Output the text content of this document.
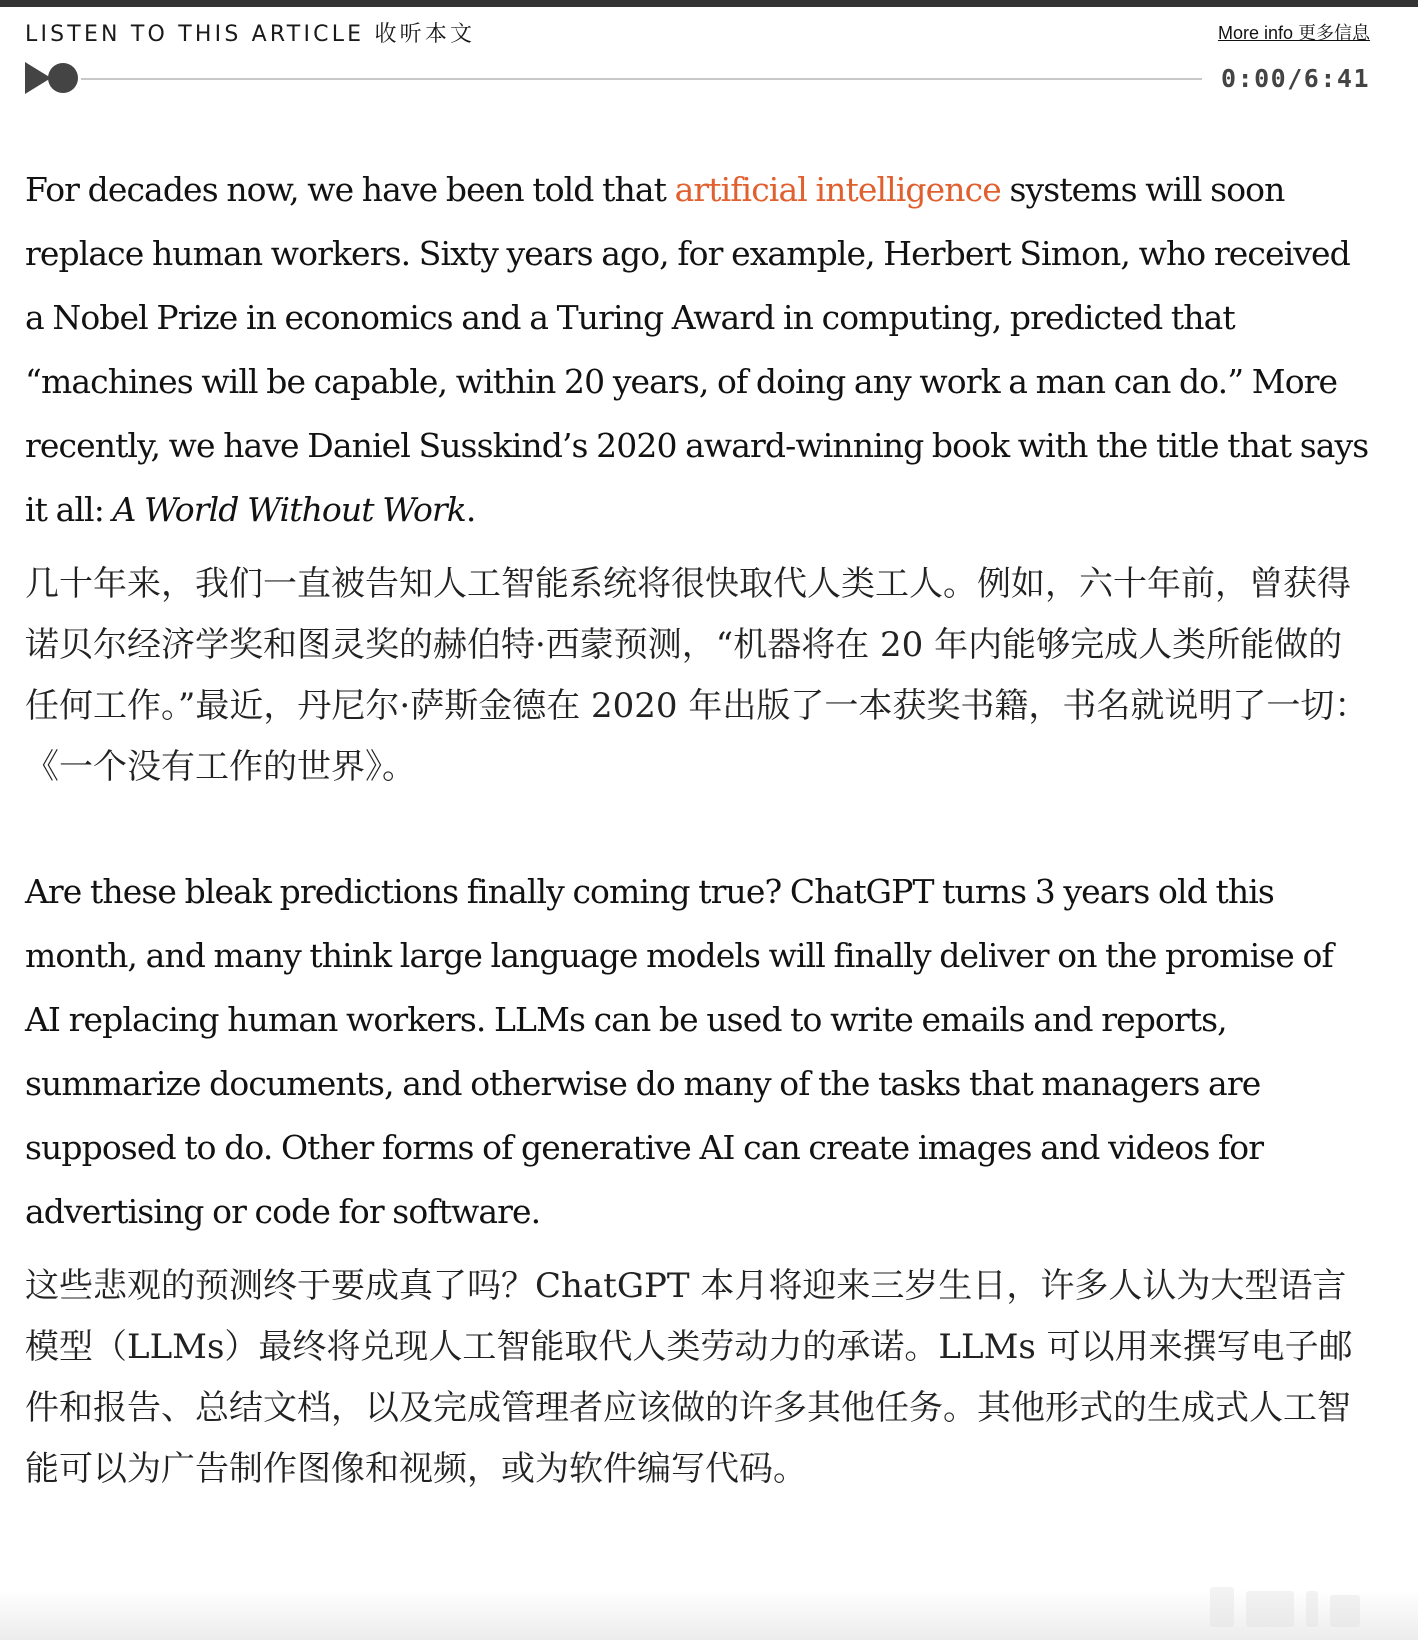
LISTEN TO THIS ARTICLE 收听本文	More info 更多信息
0:00/6:41

For decades now, we have been told that artificial intelligence systems will soon replace human workers. Sixty years ago, for example, Herbert Simon, who received a Nobel Prize in economics and a Turing Award in computing, predicted that “machines will be capable, within 20 years, of doing any work a man can do.” More recently, we have Daniel Susskind’s 2020 award-winning book with the title that says it all: A World Without Work.

几十年来，我们一直被告知人工智能系统将很快取代人类工人。例如，六十年前，曾获得诺贝尔经济学奖和图灵奖的赫伯特·西蒙预测，“机器将在 20 年内能够完成人类所能做的任何工作。”最近，丹尼尔·萨斯金德在 2020 年出版了一本获奖书籍，书名就说明了一切：《一个没有工作的世界》。

Are these bleak predictions finally coming true? ChatGPT turns 3 years old this month, and many think large language models will finally deliver on the promise of AI replacing human workers. LLMs can be used to write emails and reports, summarize documents, and otherwise do many of the tasks that managers are supposed to do. Other forms of generative AI can create images and videos for advertising or code for software.

这些悲观的预测终于要成真了吗？ChatGPT 本月将迎来三岁生日，许多人认为大型语言模型（LLMs）最终将兑现人工智能取代人类劳动力的承诺。LLMs 可以用来撰写电子邮件和报告、总结文档，以及完成管理者应该做的许多其他任务。其他形式的生成式人工智能可以为广告制作图像和视频，或为软件编写代码。
